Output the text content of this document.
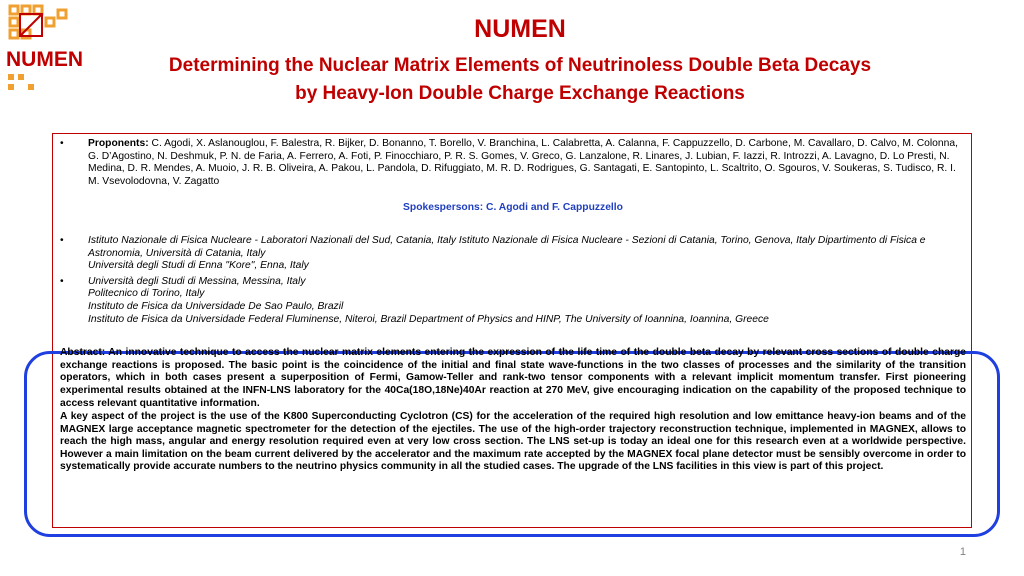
NUMEN
NUMEN
Determining the Nuclear Matrix Elements of Neutrinoless Double Beta Decays
by Heavy-Ion Double Charge Exchange Reactions
• Proponents: C. Agodi, X. Aslanouglou, F. Balestra, R. Bijker, D. Bonanno, T. Borello, V. Branchina, L. Calabretta, A. Calanna, F. Cappuzzello, D. Carbone, M. Cavallaro, D. Calvo, M. Colonna, G. D’Agostino, N. Deshmuk, P. N. de Faria, A. Ferrero, A. Foti, P. Finocchiaro, P. R. S. Gomes, V. Greco, G. Lanzalone, R. Linares, J. Lubian, F. Iazzi, R. Introzzi, A. Lavagno, D. Lo Presti, N. Medina, D. R. Mendes, A. Muoio, J. R. B. Oliveira, A. Pakou, L. Pandola, D. Rifuggiato, M. R. D. Rodrigues, G. Santagati, E. Santopinto, L. Scaltrito, O. Sgouros, V. Soukeras, S. Tudisco, R. I. M. Vsevolodovna, V. Zagatto
Spokespersons: C. Agodi and F. Cappuzzello
• Istituto Nazionale di Fisica Nucleare - Laboratori Nazionali del Sud, Catania, Italy Istituto Nazionale di Fisica Nucleare - Sezioni di Catania, Torino, Genova, Italy Dipartimento di Fisica e Astronomia, Università di Catania, Italy
Università degli Studi di Enna "Kore", Enna, Italy
• Università degli Studi di Messina, Messina, Italy
Politecnico di Torino, Italy
Instituto de Fisica da Universidade De Sao Paulo, Brazil
Instituto de Fisica da Universidade Federal Fluminense, Niteroi, Brazil Department of Physics and HINP, The University of Ioannina, Ioannina, Greece

Abstract: An innovative technique to access the nuclear matrix elements entering the expression of the life time of the double beta decay by relevant cross sections of double charge exchange reactions is proposed. The basic point is the coincidence of the initial and final state wave-functions in the two classes of processes and the similarity of the transition operators, which in both cases present a superposition of Fermi, Gamow-Teller and rank-two tensor components with a relevant implicit momentum transfer. First pioneering experimental results obtained at the INFN-LNS laboratory for the 40Ca(18O,18Ne)40Ar reaction at 270 MeV, give encouraging indication on the capability of the proposed technique to access relevant quantitative information.

A key aspect of the project is the use of the K800 Superconducting Cyclotron (CS) for the acceleration of the required high resolution and low emittance heavy-ion beams and of the MAGNEX large acceptance magnetic spectrometer for the detection of the ejectiles. The use of the high-order trajectory reconstruction technique, implemented in MAGNEX, allows to reach the high mass, angular and energy resolution required even at very low cross section. The LNS set-up is today an ideal one for this research even at a worldwide perspective. However a main limitation on the beam current delivered by the accelerator and the maximum rate accepted by the MAGNEX focal plane detector must be sensibly overcome in order to systematically provide accurate numbers to the neutrino physics community in all the studied cases. The upgrade of the LNS facilities in this view is part of this project.

1
